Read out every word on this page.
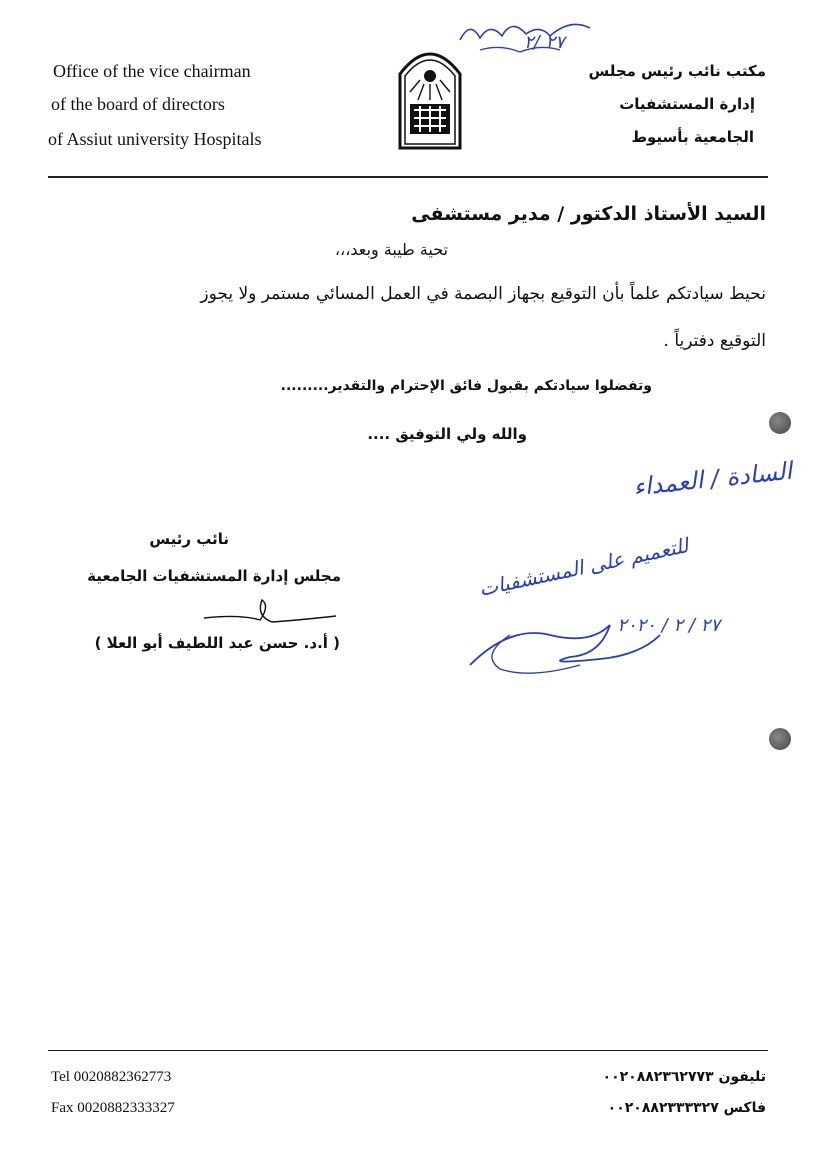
Office of the vice chairman
of the board of directors
of Assiut university Hospitals
مكتب نائب رئيس مجلس
إدارة المستشفيات
الجامعية بأسيوط
٢٧ /٢
السيد الأستاذ الدكتور / مدير مستشفى
تحية طيبة وبعد،،،
نحيط سيادتكم علماً بأن التوقيع بجهاز البصمة في العمل المسائي مستمر ولا يجوز
التوقيع دفترياً .
وتفضلوا سيادتكم بقبول فائق الإحترام والتقدير.........
والله ولي التوفيق ....
نائب رئيس
مجلس إدارة المستشفيات الجامعية
( أ.د. حسن عبد اللطيف أبو العلا )
السادة / العمداء
للتعميم على المستشفيات
٢٧ / ٢ / ٢٠٢٠
Tel 0020882362773
Fax 0020882333327
تليفون ٠٠٢٠٨٨٢٣٦٢٧٧٣
فاكس ٠٠٢٠٨٨٢٣٣٣٣٢٧
